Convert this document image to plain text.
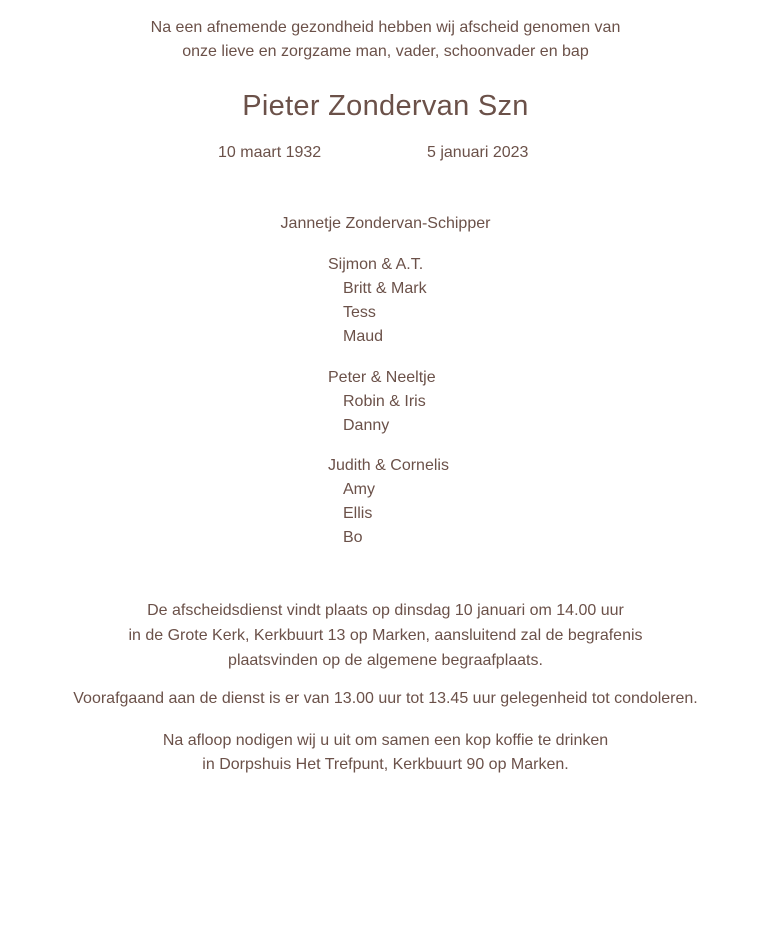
Na een afnemende gezondheid hebben wij afscheid genomen van
onze lieve en zorgzame man, vader, schoonvader en bap
Pieter Zondervan Szn
10 maart 1932	5 januari 2023
Jannetje Zondervan-Schipper
Sijmon & A.T.
Britt & Mark
Tess
Maud
Peter & Neeltje
Robin & Iris
Danny
Judith & Cornelis
Amy
Ellis
Bo
De afscheidsdienst vindt plaats op dinsdag 10 januari om 14.00 uur
in de Grote Kerk, Kerkbuurt 13 op Marken, aansluitend zal de begrafenis
plaatsvinden op de algemene begraafplaats.
Voorafgaand aan de dienst is er van 13.00 uur tot 13.45 uur gelegenheid tot condoleren.
Na afloop nodigen wij u uit om samen een kop koffie te drinken
in Dorpshuis Het Trefpunt, Kerkbuurt 90 op Marken.
